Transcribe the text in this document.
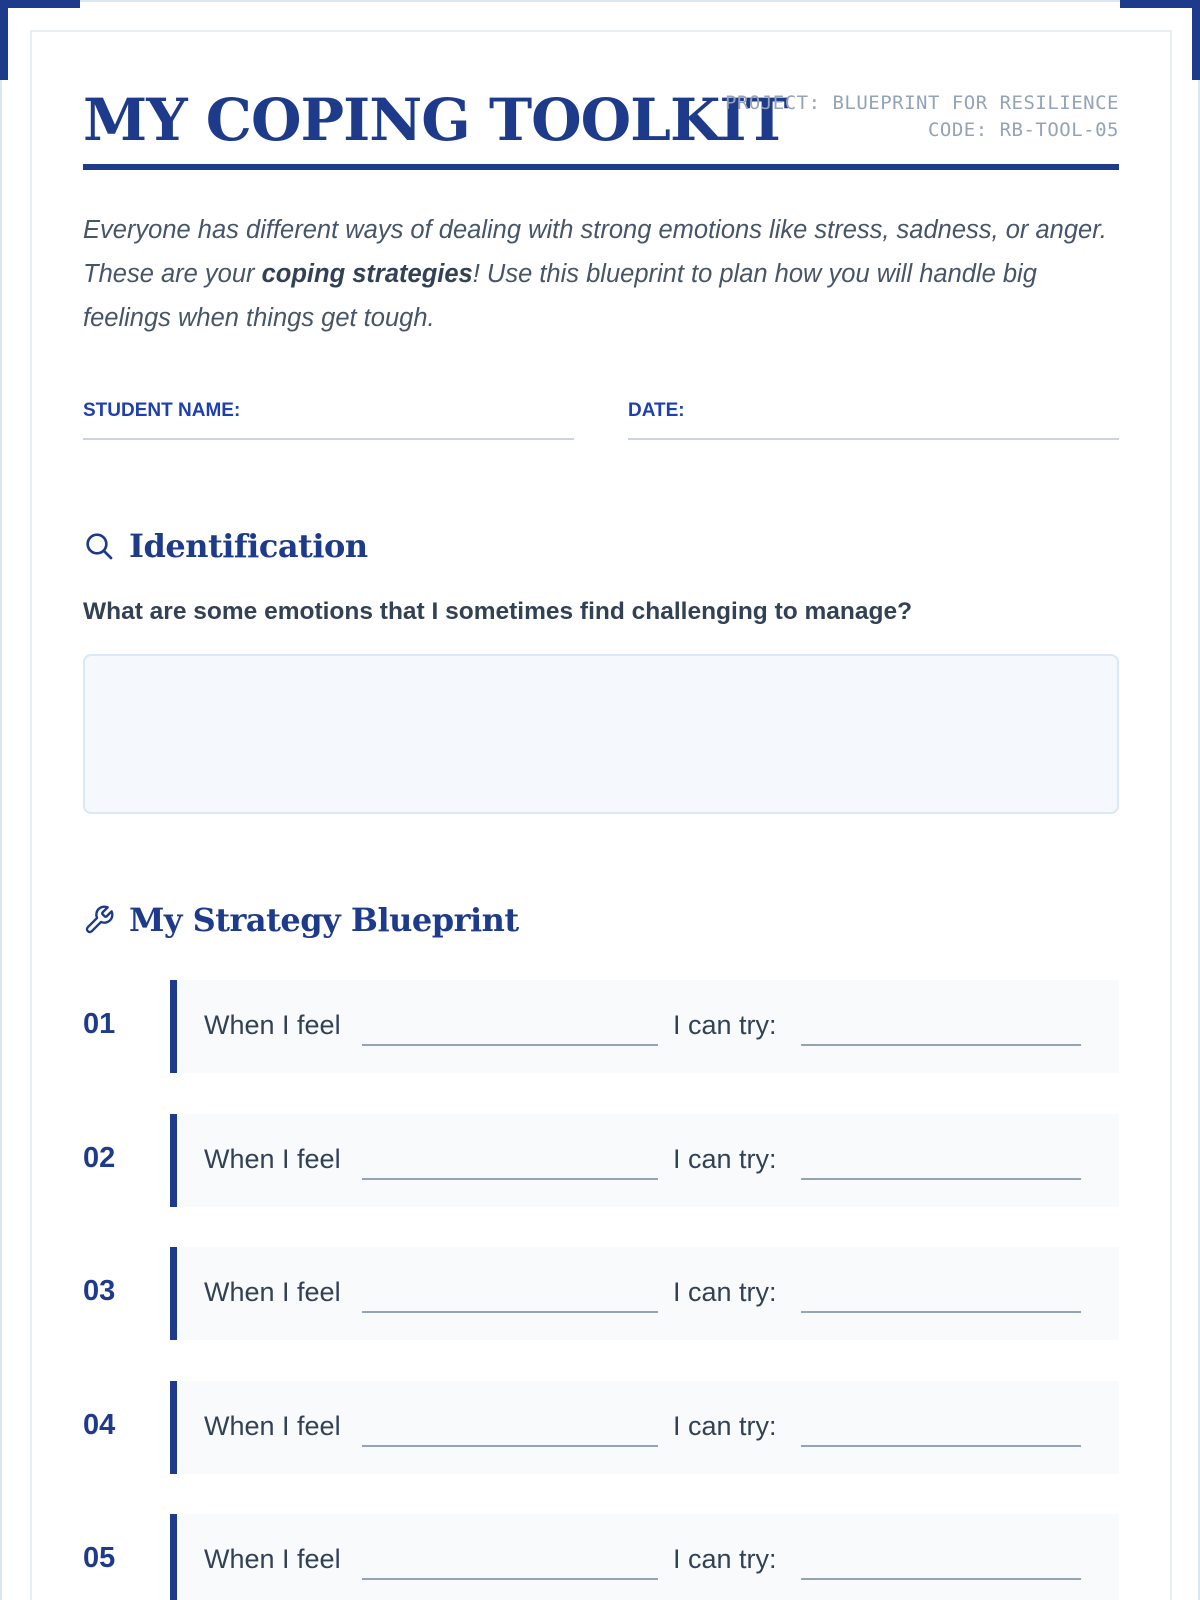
MY COPING TOOLKIT
PROJECT: BLUEPRINT FOR RESILIENCE
CODE: RB-TOOL-05

Everyone has different ways of dealing with strong emotions like stress, sadness, or anger. These are your coping strategies! Use this blueprint to plan how you will handle big feelings when things get tough.

STUDENT NAME:	DATE:
Identification
What are some emotions that I sometimes find challenging to manage?
My Strategy Blueprint
01	When I feel	I can try:
02	When I feel	I can try:
03	When I feel	I can try:
04	When I feel	I can try:
05	When I feel	I can try:
